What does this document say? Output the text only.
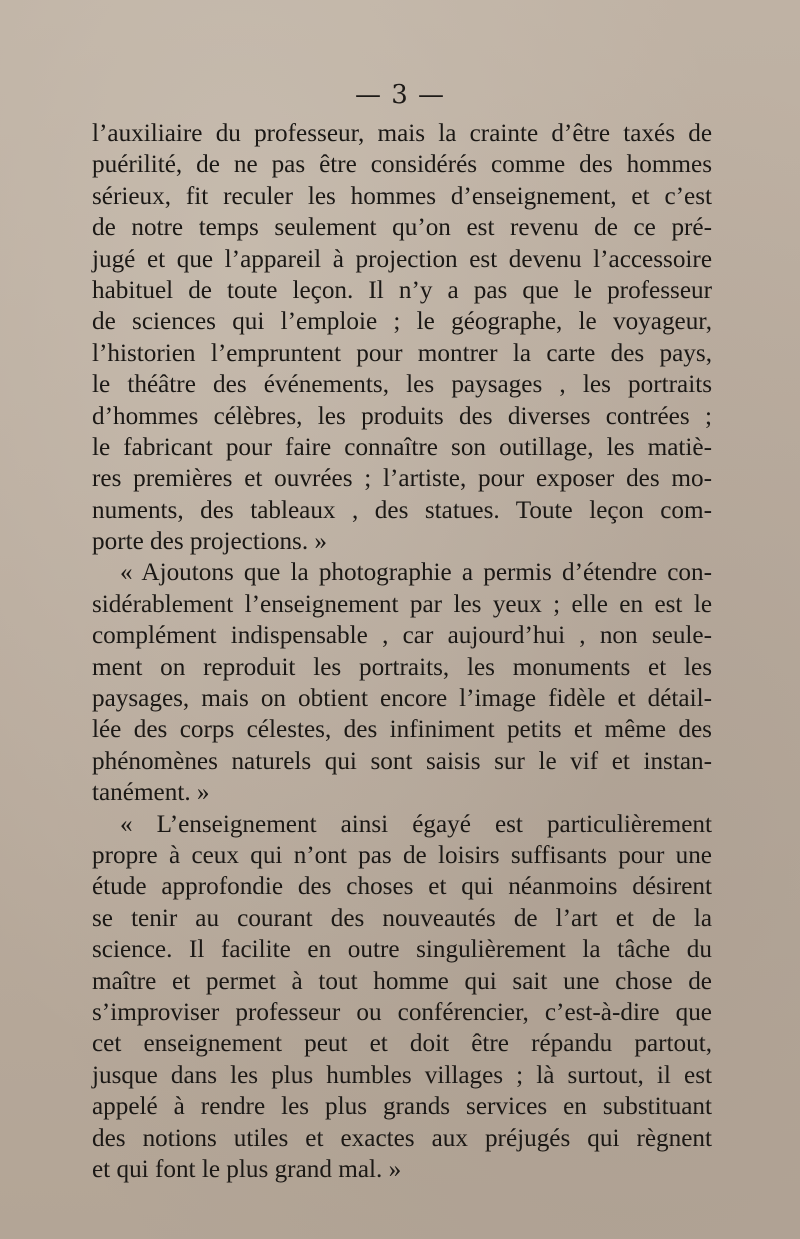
— 3 —
l’auxiliaire du professeur, mais la crainte d’être taxés de
puérilité, de ne pas être considérés comme des hommes
sérieux, fit reculer les hommes d’enseignement, et c’est
de notre temps seulement qu’on est revenu de ce pré-
jugé et que l’appareil à projection est devenu l’accessoire
habituel de toute leçon. Il n’y a pas que le professeur
de sciences qui l’emploie ; le géographe, le voyageur,
l’historien l’empruntent pour montrer la carte des pays,
le théâtre des événements, les paysages , les portraits
d’hommes célèbres, les produits des diverses contrées ;
le fabricant pour faire connaître son outillage, les matiè-
res premières et ouvrées ; l’artiste, pour exposer des mo-
numents, des tableaux , des statues. Toute leçon com-
porte des projections. »
« Ajoutons que la photographie a permis d’étendre con-
sidérablement l’enseignement par les yeux ; elle en est le
complément indispensable , car aujourd’hui , non seule-
ment on reproduit les portraits, les monuments et les
paysages, mais on obtient encore l’image fidèle et détail-
lée des corps célestes, des infiniment petits et même des
phénomènes naturels qui sont saisis sur le vif et instan-
tanément. »
« L’enseignement ainsi égayé est particulièrement
propre à ceux qui n’ont pas de loisirs suffisants pour une
étude approfondie des choses et qui néanmoins désirent
se tenir au courant des nouveautés de l’art et de la
science. Il facilite en outre singulièrement la tâche du
maître et permet à tout homme qui sait une chose de
s’improviser professeur ou conférencier, c’est-à-dire que
cet enseignement peut et doit être répandu partout,
jusque dans les plus humbles villages ; là surtout, il est
appelé à rendre les plus grands services en substituant
des notions utiles et exactes aux préjugés qui règnent
et qui font le plus grand mal. »
